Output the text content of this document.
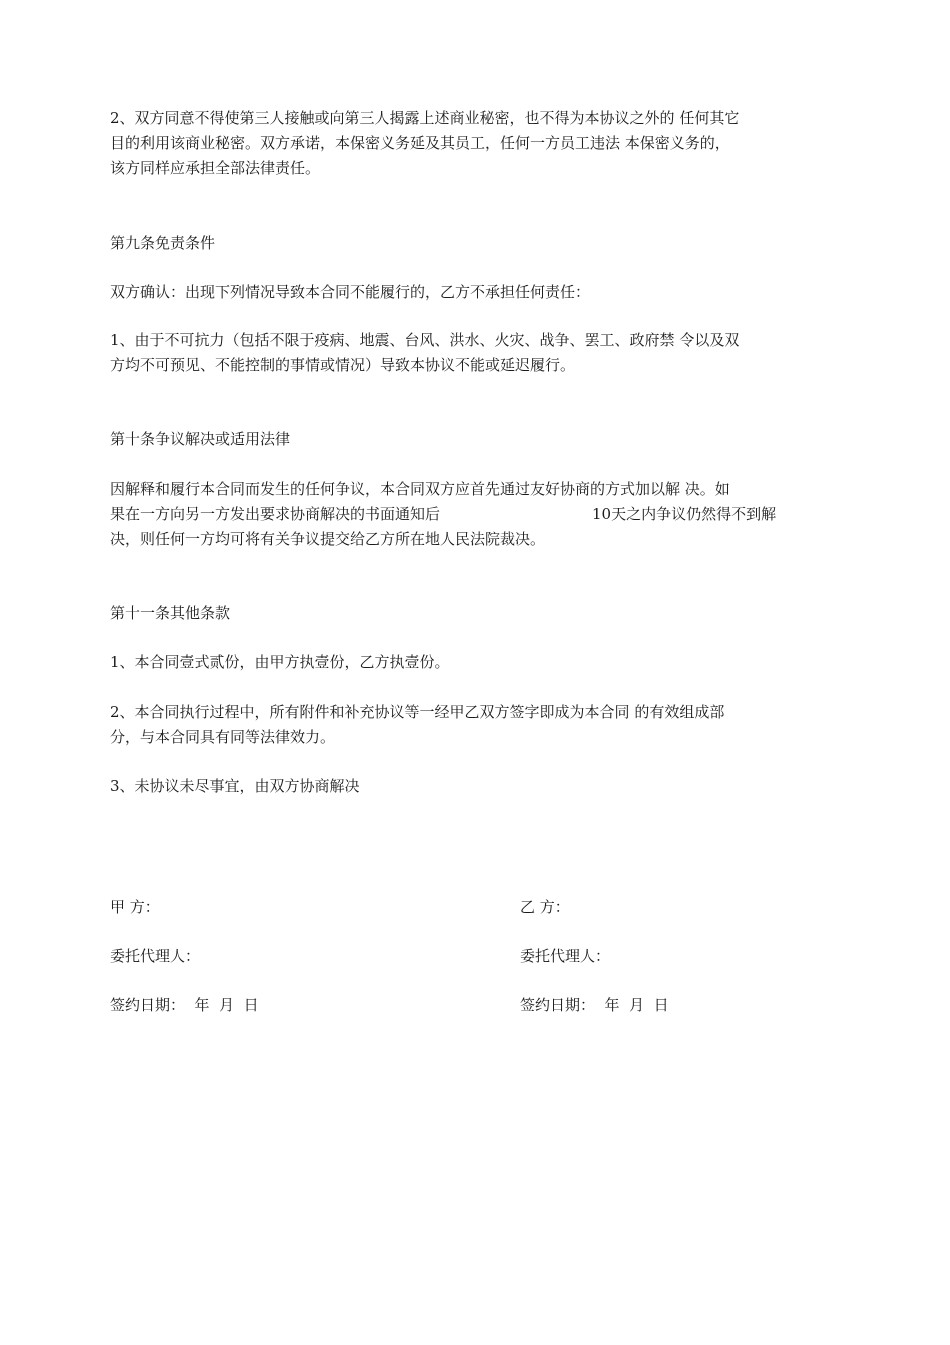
2、双方同意不得使第三人接触或向第三人揭露上述商业秘密，也不得为本协议之外的 任何其它
目的利用该商业秘密。双方承诺，本保密义务延及其员工，任何一方员工违法 本保密义务的，
该方同样应承担全部法律责任。
第九条免责条件
双方确认：出现下列情况导致本合同不能履行的，乙方不承担任何责任：
1、由于不可抗力（包括不限于疫病、地震、台风、洪水、火灾、战争、罢工、政府禁 令以及双
方均不可预见、不能控制的事情或情况）导致本协议不能或延迟履行。
第十条争议解决或适用法律
因解释和履行本合同而发生的任何争议，本合同双方应首先通过友好协商的方式加以解 决。如
果在一方向另一方发出要求协商解决的书面通知后	10天之内争议仍然得不到解
决，则任何一方均可将有关争议提交给乙方所在地人民法院裁决。
第十一条其他条款
1、本合同壹式贰份，由甲方执壹份，乙方执壹份。
2、本合同执行过程中，所有附件和补充协议等一经甲乙双方签字即成为本合同 的有效组成部
分，与本合同具有同等法律效力。
3、未协议未尽事宜，由双方协商解决
甲 方：	乙 方：
委托代理人：	委托代理人：
签约日期：  年  月  日	签约日期：  年  月  日
